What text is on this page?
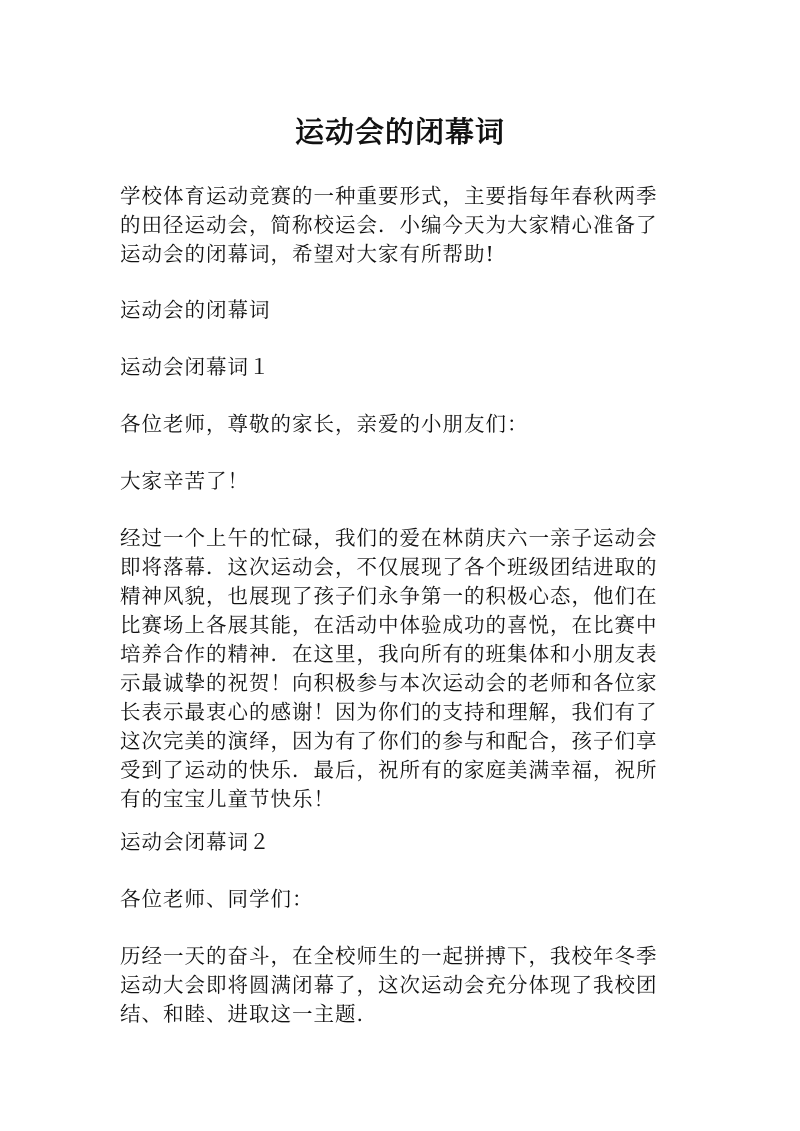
运动会的闭幕词
学校体育运动竞赛的一种重要形式，主要指每年春秋两季的田径运动会，简称校运会．小编今天为大家精心准备了运动会的闭幕词，希望对大家有所帮助!
运动会的闭幕词
运动会闭幕词１
各位老师，尊敬的家长，亲爱的小朋友们：
大家辛苦了！
经过一个上午的忙碌，我们的爱在林荫庆六一亲子运动会即将落幕．这次运动会，不仅展现了各个班级团结进取的精神风貌，也展现了孩子们永争第一的积极心态，他们在比赛场上各展其能，在活动中体验成功的喜悦，在比赛中培养合作的精神．在这里，我向所有的班集体和小朋友表示最诚挚的祝贺！向积极参与本次运动会的老师和各位家长表示最衷心的感谢！因为你们的支持和理解，我们有了这次完美的演绎，因为有了你们的参与和配合，孩子们享受到了运动的快乐．最后，祝所有的家庭美满幸福，祝所有的宝宝儿童节快乐！
运动会闭幕词２
各位老师、同学们：
历经一天的奋斗，在全校师生的一起拼搏下，我校年冬季运动大会即将圆满闭幕了，这次运动会充分体现了我校团结、和睦、进取这一主题.
